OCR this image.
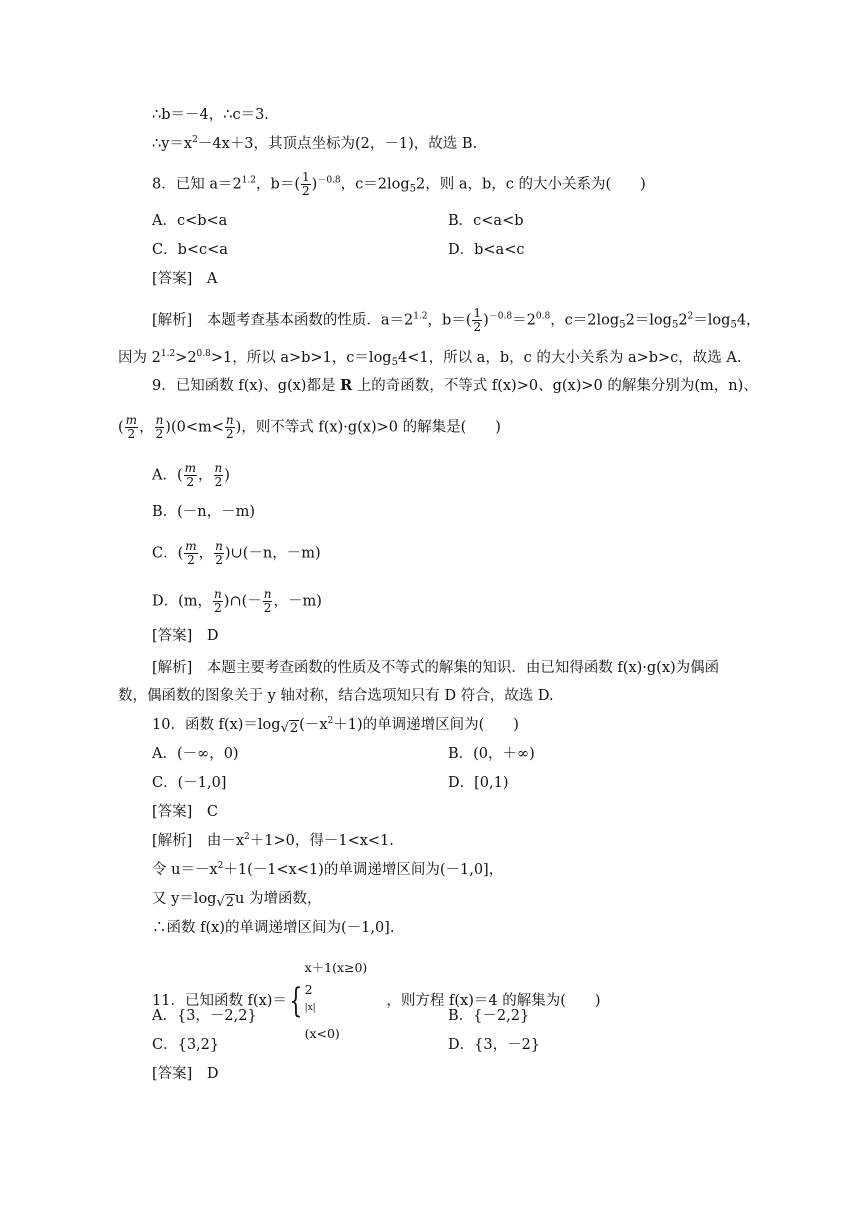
∴b＝－4，∴c＝3.
$\therefore y=x^2-4x+3$，其顶点坐标为(2，－1)，故选 B.
8．已知 $a=2^{1.2}$，$b=( \frac{1}{2} )^{-0.8}$，$c=2\log_52$，则 a，b，c 的大小关系为(　　)
A．c<b<a	B．c<a<b
C．b<c<a	D．b<a<c
[答案]　 A
[解析]　 本题考查基本函数的性质．$a=2^{1.2}$，$b=( \frac{1}{2} )^{-0.8}=2^{0.8}$，$c=2\log_52=\log_52^2=\log_54$，
因为 $2^{1.2}>2^{0.8}>1$，所以 a>b>1，$c=\log_54<1$，所以 a，b，c 的大小关系为 a>b>c，故选 A.
9．已知函数 f(x)、g(x)都是 R 上的奇函数，不等式 f(x)>0、g(x)>0 的解集分别为(m，n)、
( $\frac{m}{2}$ ， $\frac{n}{2} )(0<m< \frac{n}{2}$ )，则不等式 f(x)·g(x)>0 的解集是(　　)
A．( $\frac{m}{2}$ ， $\frac{n}{2}$ )
B．(－n，－m)
C．( $\frac{m}{2}$ ， $\frac{n}{2}$ )∪(－n，－m)
D．(m， $\frac{n}{2}$ )∩(－ $\frac{n}{2}$ ，－m)
[答案]　 D
[解析]　 本题主要考查函数的性质及不等式的解集的知识．由已知得函数 f(x)·g(x)为偶函
数，偶函数的图象关于 y 轴对称，结合选项知只有 D 符合，故选 D.
10．函数 $f(x)=\log_{√2}(-x^2+1)$的单调递增区间为(　　)
A．(－∞，0)	B．(0，＋∞)
C．(－1,0]	D．[0,1)
[答案]　 C
[解析]　 由$-x^2+1>0$，得－1<x<1.
令 $u=-x^2+1(-1<x<1)$的单调递增区间为(－1,0]，
又 $y=\log_{√2}u$ 为增函数，
∴函数 f(x)的单调递增区间为(－1,0].
11．已知函数 f(x)＝{
x＋1(x≥0)
2
$^{|x|}$
(x<0)
　 ，则方程 f(x)＝4 的解集为(　　)
A．{3，－2,2}	B．{－2,2}
C．{3,2}	D．{3，－2}
[答案]　 D
